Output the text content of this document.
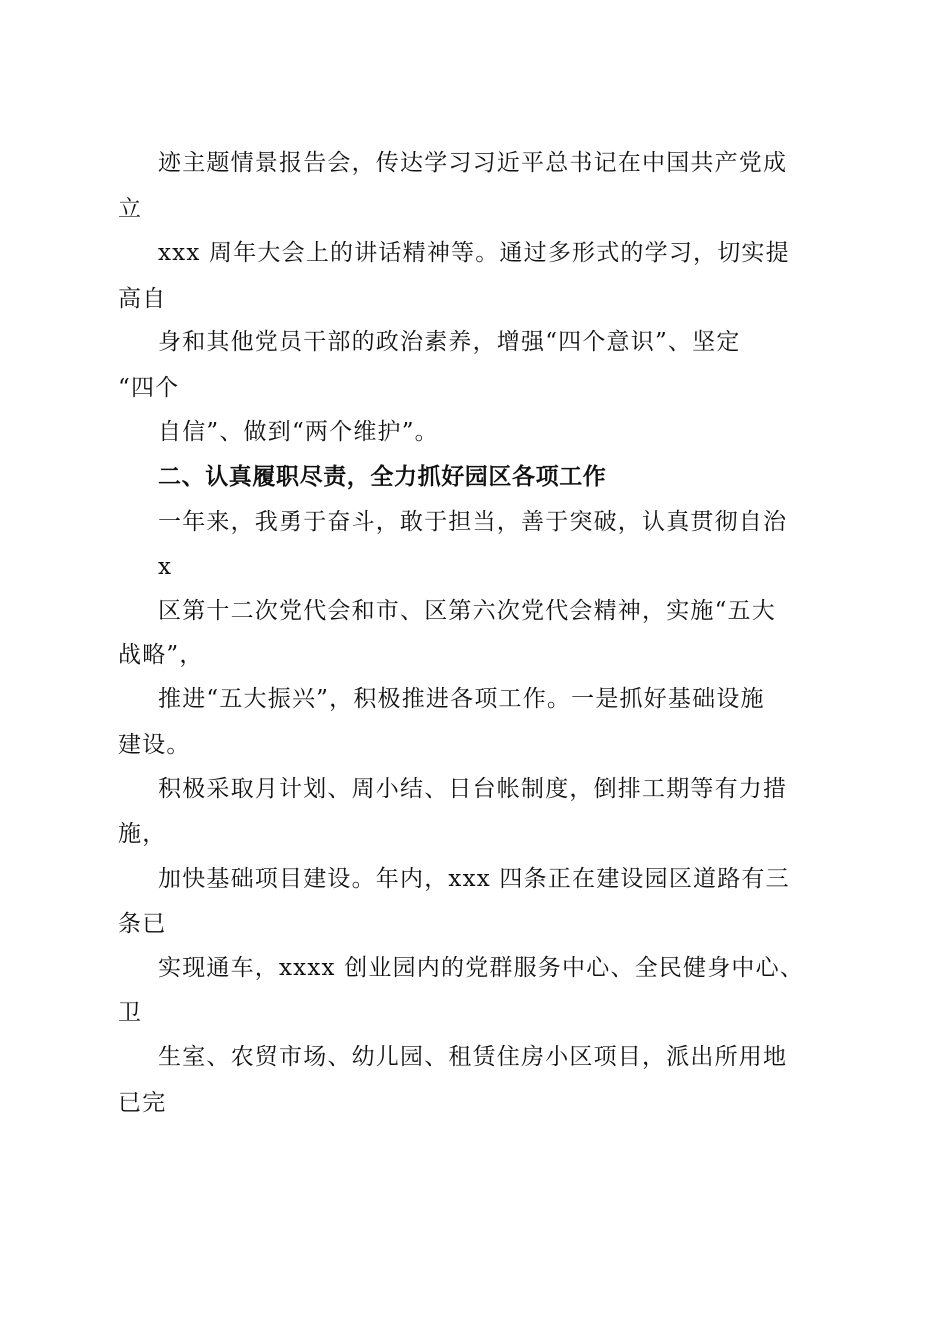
迹主题情景报告会，传达学习习近平总书记在中国共产党成
立
xxx 周年大会上的讲话精神等。通过多形式的学习，切实提
高自
身和其他党员干部的政治素养，增强“四个意识”、坚定
“四个
自信”、做到“两个维护”。
二、认真履职尽责，全力抓好园区各项工作
一年来，我勇于奋斗，敢于担当，善于突破，认真贯彻自治
x
区第十二次党代会和市、区第六次党代会精神，实施“五大
战略”，
推进“五大振兴”，积极推进各项工作。一是抓好基础设施
建设。
积极采取月计划、周小结、日台帐制度，倒排工期等有力措
施，
加快基础项目建设。年内，xxx 四条正在建设园区道路有三
条已
实现通车，xxxx 创业园内的党群服务中心、全民健身中心、
卫
生室、农贸市场、幼儿园、租赁住房小区项目，派出所用地
已完
